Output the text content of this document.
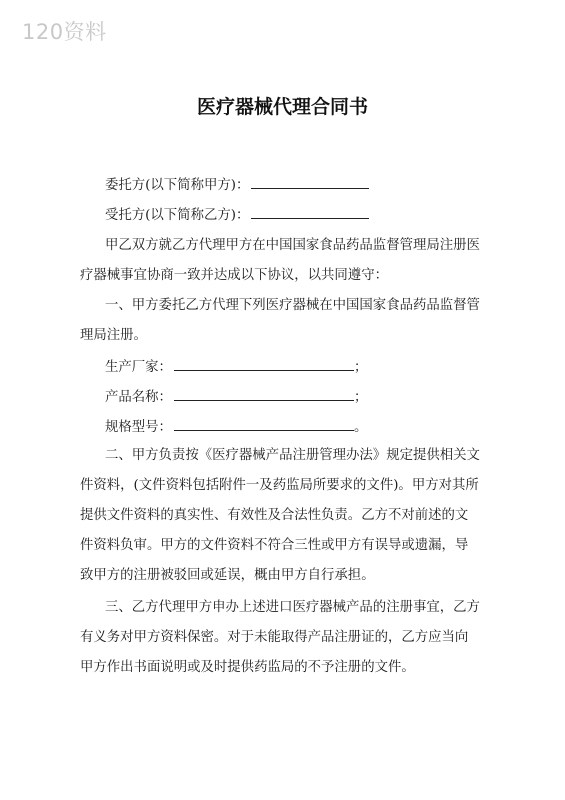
120资料
医疗器械代理合同书
委托方(以下简称甲方)：
受托方(以下简称乙方)：
甲乙双方就乙方代理甲方在中国国家食品药品监督管理局注册医
疗器械事宜协商一致并达成以下协议，以共同遵守：
一、甲方委托乙方代理下列医疗器械在中国国家食品药品监督管
理局注册。
生产厂家：	；
产品名称：	；
规格型号：	。
二、甲方负责按《医疗器械产品注册管理办法》规定提供相关文
件资料，(文件资料包括附件一及药监局所要求的文件)。甲方对其所
提供文件资料的真实性、有效性及合法性负责。乙方不对前述的文
件资料负审。甲方的文件资料不符合三性或甲方有误导或遗漏，导
致甲方的注册被驳回或延误，概由甲方自行承担。
三、乙方代理甲方申办上述进口医疗器械产品的注册事宜，乙方
有义务对甲方资料保密。对于未能取得产品注册证的，乙方应当向
甲方作出书面说明或及时提供药监局的不予注册的文件。
